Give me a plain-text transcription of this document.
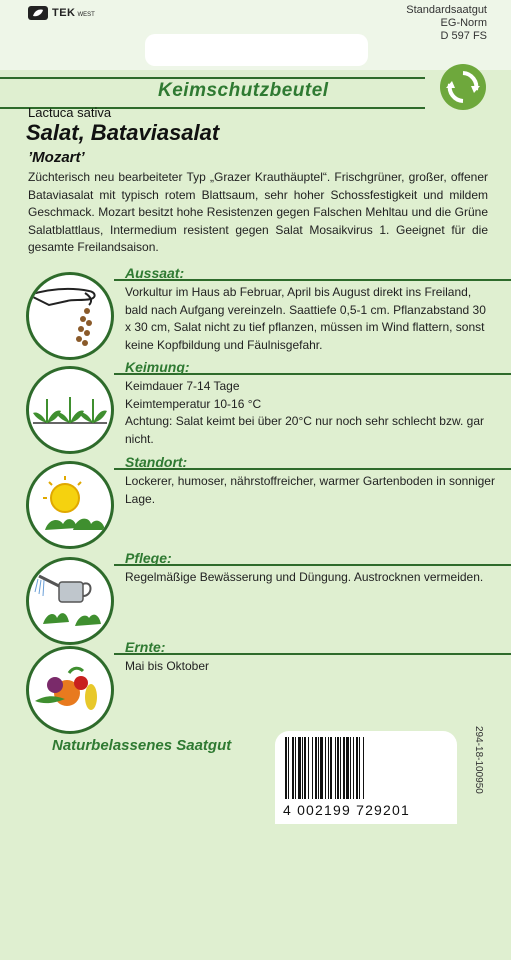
TEK WEST	Standardsaatgut
EG-Norm
D 597 FS
Keimschutzbeutel
Lactuca sativa
Salat, Bataviasalat
’Mozart’
Züchterisch neu bearbeiteter Typ „Grazer Krauthäuptel“. Frischgrüner, großer, offener Bataviasalat mit typisch rotem Blattsaum, sehr hoher Schossfestigkeit und mildem Geschmack. Mozart besitzt hohe Resistenzen gegen Falschen Mehltau und die Grüne Salatblattlaus, Intermedium resistent gegen Salat Mosaikvirus 1. Geeignet für die gesamte Freilandsaison.
Aussaat:
Vorkultur im Haus ab Februar, April bis August direkt ins Freiland, bald nach Aufgang vereinzeln. Saattiefe 0,5-1 cm. Pflanzabstand 30 x 30 cm, Salat nicht zu tief pflanzen, müssen im Wind flattern, sonst keine Kopfbildung und Fäulnisgefahr.
Keimung:
Keimdauer 7-14 Tage
Keimtemperatur 10-16 °C
Achtung: Salat keimt bei über 20°C nur noch sehr schlecht bzw. gar nicht.
Standort:
Lockerer, humoser, nährstoffreicher, warmer Gartenboden in sonniger Lage.
Pflege:
Regelmäßige Bewässerung und Düngung. Austrocknen vermeiden.
Ernte:
Mai bis Oktober
Naturbelassenes Saatgut
4 002199 729201
294-18-100950
